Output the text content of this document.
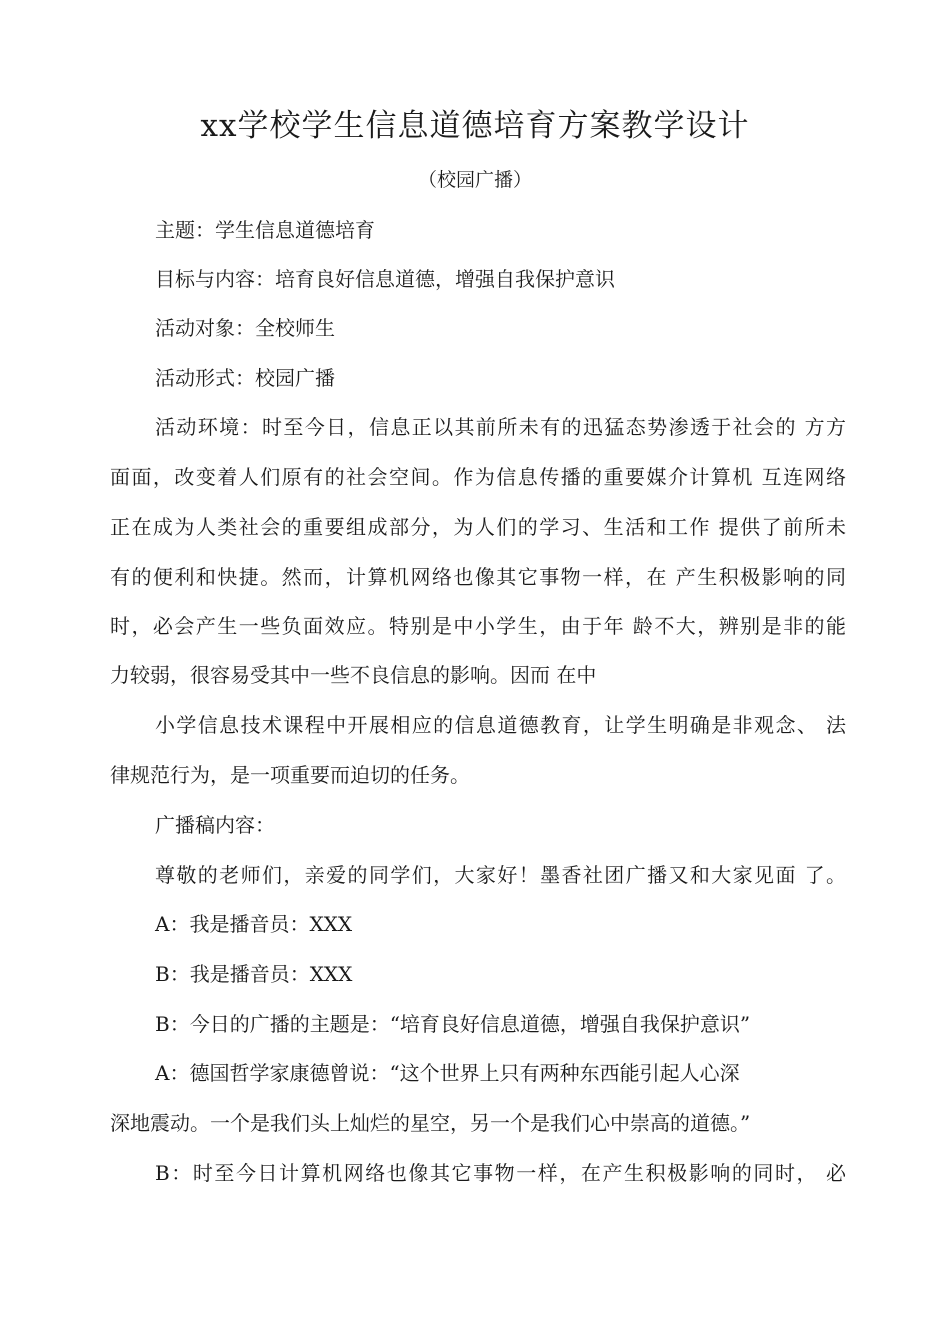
xx学校学生信息道德培育方案教学设计
（校园广播）
主题：学生信息道德培育
目标与内容：培育良好信息道德，增强自我保护意识
活动对象：全校师生
活动形式：校园广播
活动环境：时至今日，信息正以其前所未有的迅猛态势渗透于社会的 方方
面面，改变着人们原有的社会空间。作为信息传播的重要媒介计算机 互连网络
正在成为人类社会的重要组成部分，为人们的学习、生活和工作 提供了前所未
有的便利和快捷。然而，计算机网络也像其它事物一样，在 产生积极影响的同
时，必会产生一些负面效应。特别是中小学生，由于年 龄不大，辨别是非的能
力较弱，很容易受其中一些不良信息的影响。因而 在中
小学信息技术课程中开展相应的信息道德教育，让学生明确是非观念、 法
律规范行为，是一项重要而迫切的任务。
广播稿内容：
尊敬的老师们，亲爱的同学们，大家好！墨香社团广播又和大家见面 了。
A：我是播音员：XXX
B：我是播音员：XXX
B：今日的广播的主题是：“培育良好信息道德，增强自我保护意识”
A：德国哲学家康德曾说：“这个世界上只有两种东西能引起人心深
深地震动。一个是我们头上灿烂的星空，另一个是我们心中崇高的道德。”
B：时至今日计算机网络也像其它事物一样，在产生积极影响的同时， 必
